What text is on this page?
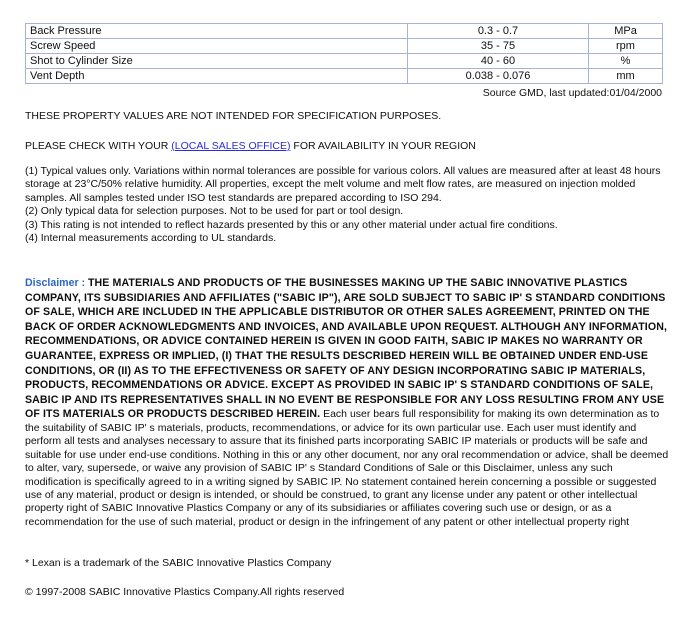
Back Pressure	0.3 - 0.7	MPa
Screw Speed	35 - 75	rpm
Shot to Cylinder Size	40 - 60	%
Vent Depth	0.038 - 0.076	mm
Source GMD, last updated:01/04/2000
THESE PROPERTY VALUES ARE NOT INTENDED FOR SPECIFICATION PURPOSES.
PLEASE CHECK WITH YOUR (LOCAL SALES OFFICE) FOR AVAILABILITY IN YOUR REGION
(1) Typical values only. Variations within normal tolerances are possible for various colors. All values are measured after at least 48 hours storage at 23°C/50% relative humidity. All properties, except the melt volume and melt flow rates, are measured on injection molded samples. All samples tested under ISO test standards are prepared according to ISO 294.
(2) Only typical data for selection purposes. Not to be used for part or tool design.
(3) This rating is not intended to reflect hazards presented by this or any other material under actual fire conditions.
(4) Internal measurements according to UL standards.
Disclaimer : THE MATERIALS AND PRODUCTS OF THE BUSINESSES MAKING UP THE SABIC INNOVATIVE PLASTICS COMPANY, ITS SUBSIDIARIES AND AFFILIATES ("SABIC IP"), ARE SOLD SUBJECT TO SABIC IP' S STANDARD CONDITIONS OF SALE, WHICH ARE INCLUDED IN THE APPLICABLE DISTRIBUTOR OR OTHER SALES AGREEMENT, PRINTED ON THE BACK OF ORDER ACKNOWLEDGMENTS AND INVOICES, AND AVAILABLE UPON REQUEST. ALTHOUGH ANY INFORMATION, RECOMMENDATIONS, OR ADVICE CONTAINED HEREIN IS GIVEN IN GOOD FAITH, SABIC IP MAKES NO WARRANTY OR GUARANTEE, EXPRESS OR IMPLIED, (I) THAT THE RESULTS DESCRIBED HEREIN WILL BE OBTAINED UNDER END-USE CONDITIONS, OR (II) AS TO THE EFFECTIVENESS OR SAFETY OF ANY DESIGN INCORPORATING SABIC IP MATERIALS, PRODUCTS, RECOMMENDATIONS OR ADVICE. EXCEPT AS PROVIDED IN SABIC IP' S STANDARD CONDITIONS OF SALE, SABIC IP AND ITS REPRESENTATIVES SHALL IN NO EVENT BE RESPONSIBLE FOR ANY LOSS RESULTING FROM ANY USE OF ITS MATERIALS OR PRODUCTS DESCRIBED HEREIN. Each user bears full responsibility for making its own determination as to the suitability of SABIC IP' s materials, products, recommendations, or advice for its own particular use. Each user must identify and perform all tests and analyses necessary to assure that its finished parts incorporating SABIC IP materials or products will be safe and suitable for use under end-use conditions. Nothing in this or any other document, nor any oral recommendation or advice, shall be deemed to alter, vary, supersede, or waive any provision of SABIC IP' s Standard Conditions of Sale or this Disclaimer, unless any such modification is specifically agreed to in a writing signed by SABIC IP. No statement contained herein concerning a possible or suggested use of any material, product or design is intended, or should be construed, to grant any license under any patent or other intellectual property right of SABIC Innovative Plastics Company or any of its subsidiaries or affiliates covering such use or design, or as a recommendation for the use of such material, product or design in the infringement of any patent or other intellectual property right
* Lexan is a trademark of the SABIC Innovative Plastics Company
© 1997-2008 SABIC Innovative Plastics Company.All rights reserved
